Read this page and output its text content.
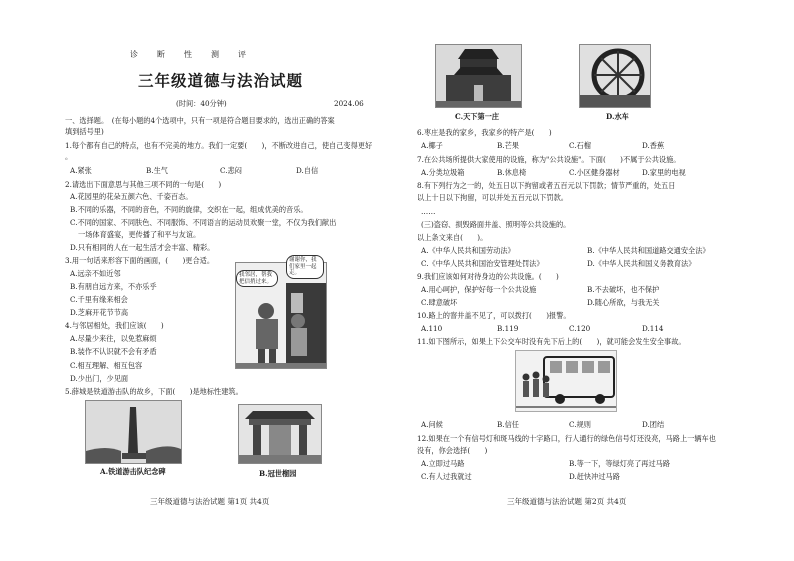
诊　　断　　性　　测　　评
三年级道德与法治试题
(时间：40分钟)	2024.06
一、选择题。　(在每小题的4个选项中，只有一项是符合题目要求的，选出正确的答案
填到括号里)
1.每个都有自己的特点，也有不完美的地方。我们一定要(　　)，不断改进自己，使自己变得更好
。
A.紧张	B.生气	C.悲闷	D.自信
2.请选出下面意思与其他三项不同的一句是(　　)
A.花园里的花朵五颜六色、千姿百态。
B.不同的乐器，不同的音色，不同的旋律，交织在一起，组成优美的音乐。
C.不同的国家、不同肤色、不同服饰、不同语言的运动员欢聚一堂，不仅为我们献出
一场体育盛宴，更传播了和平与友谊。
D.只有相同的人在一起生活才会丰富、精彩。
3.用一句话来形容下面的画面，(　　)更合适。
A.远亲不如近邻
B.有朋自远方来，不亦乐乎
C.千里有缘来相会
D.芝麻开花节节高
我邻居，帮我把信捎过来。
谢谢你，我们家里一起走。
4.与邻居相处，我们应该(　　)
A.尽量少来往，以免惹麻烦
B.装作不认识就不会有矛盾
C.相互理解、相互包容
D.少出门，少见面
5.薛城是铁道游击队的故乡，下面(　　)是地标性建筑。
A.铁道游击队纪念碑	B.冠世榴园
三年级道德与法治试题 第1页 共4页
C.天下第一庄	D.水车
6.枣庄是我的家乡，我家乡的特产是(　　)
A.椰子	B.芒果	C.石榴	D.香蕉
7.在公共场所提供大家使用的设施，称为"公共设施"。下面(　　)不属于公共设施。
A.分类垃圾箱	B.休息椅	C.小区健身器材	D.家里的电视
8.有下列行为之一的，处五日以下拘留或者五百元以下罚款；情节严重的，处五日
以上十日以下拘留，可以并处五百元以下罚款。
……
(三)盗窃、损毁路面井盖、照明等公共设施的。
以上条文来自(　　)。
A.《中华人民共和国劳动法》	B.《中华人民共和国道路交通安全法》
C.《中华人民共和国治安管理处罚法》	D.《中华人民共和国义务教育法》
9.我们应该如何对待身边的公共设施。(　　)
A.用心呵护，保护好每一个公共设施	B.不去破坏，也不保护
C.肆意破坏	D.随心所欲，与我无关
10.路上的窨井盖不见了，可以拨打(　　)报警。
A.110	B.119	C.120	D.114
11.如下图所示，如果上下公交车时没有先下后上的(　　)，就可能会发生安全事故。
A.问候	B.信任	C.规则	D.团结
12.如果在一个有信号灯和斑马线的十字路口，行人通行的绿色信号灯还没亮，马路上一辆车也
没有，你会选择(　　)
A.立即过马路	B.等一下，等绿灯亮了再过马路
C.有人过我就过	D.赶快冲过马路
三年级道德与法治试题 第2页 共4页
